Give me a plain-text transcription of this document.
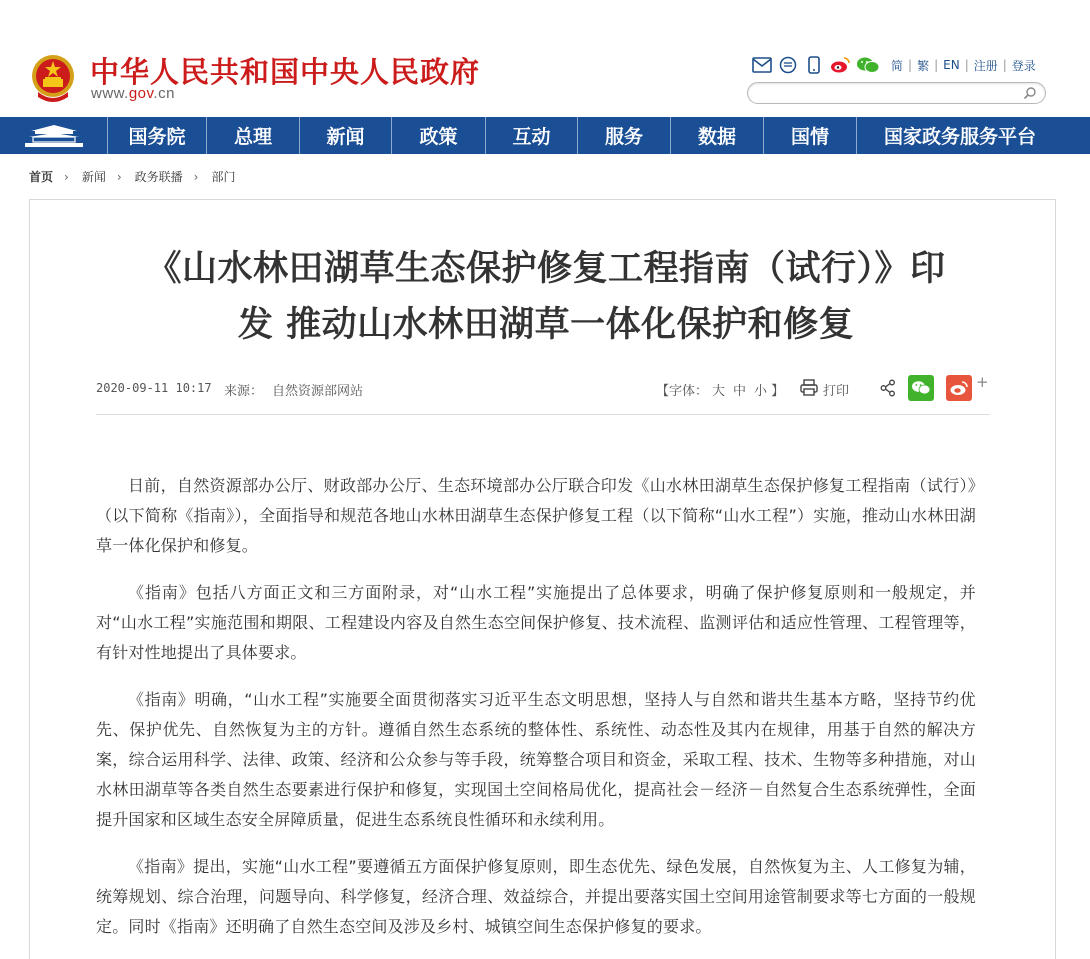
中华人民共和国中央人民政府
www.gov.cn
简 | 繁 | EN | 注册 | 登录
国务院	总理	新闻	政策	互动	服务	数据	国情	国家政务服务平台
首页 › 新闻 › 政务联播 › 部门
《山水林田湖草生态保护修复工程指南（试行）》印
发 推动山水林田湖草一体化保护和修复
2020-09-11 10:17 来源： 自然资源部网站	【字体： 大 中 小 】	打印
+

日前，自然资源部办公厅、财政部办公厅、生态环境部办公厅联合印发《山水林田湖草生态保护修复工程指南（试行）》（以下简称《指南》），全面指导和规范各地山水林田湖草生态保护修复工程（以下简称“山水工程”）实施，推动山水林田湖草一体化保护和修复。

《指南》包括八方面正文和三方面附录，对“山水工程”实施提出了总体要求，明确了保护修复原则和一般规定，并对“山水工程”实施范围和期限、工程建设内容及自然生态空间保护修复、技术流程、监测评估和适应性管理、工程管理等，有针对性地提出了具体要求。

《指南》明确，“山水工程”实施要全面贯彻落实习近平生态文明思想，坚持人与自然和谐共生基本方略，坚持节约优先、保护优先、自然恢复为主的方针。遵循自然生态系统的整体性、系统性、动态性及其内在规律，用基于自然的解决方案，综合运用科学、法律、政策、经济和公众参与等手段，统筹整合项目和资金，采取工程、技术、生物等多种措施，对山水林田湖草等各类自然生态要素进行保护和修复，实现国土空间格局优化，提高社会－经济－自然复合生态系统弹性，全面提升国家和区域生态安全屏障质量，促进生态系统良性循环和永续利用。

《指南》提出，实施“山水工程”要遵循五方面保护修复原则，即生态优先、绿色发展，自然恢复为主、人工修复为辅，统筹规划、综合治理，问题导向、科学修复，经济合理、效益综合，并提出要落实国土空间用途管制要求等七方面的一般规定。同时《指南》还明确了自然生态空间及涉及乡村、城镇空间生态保护修复的要求。
